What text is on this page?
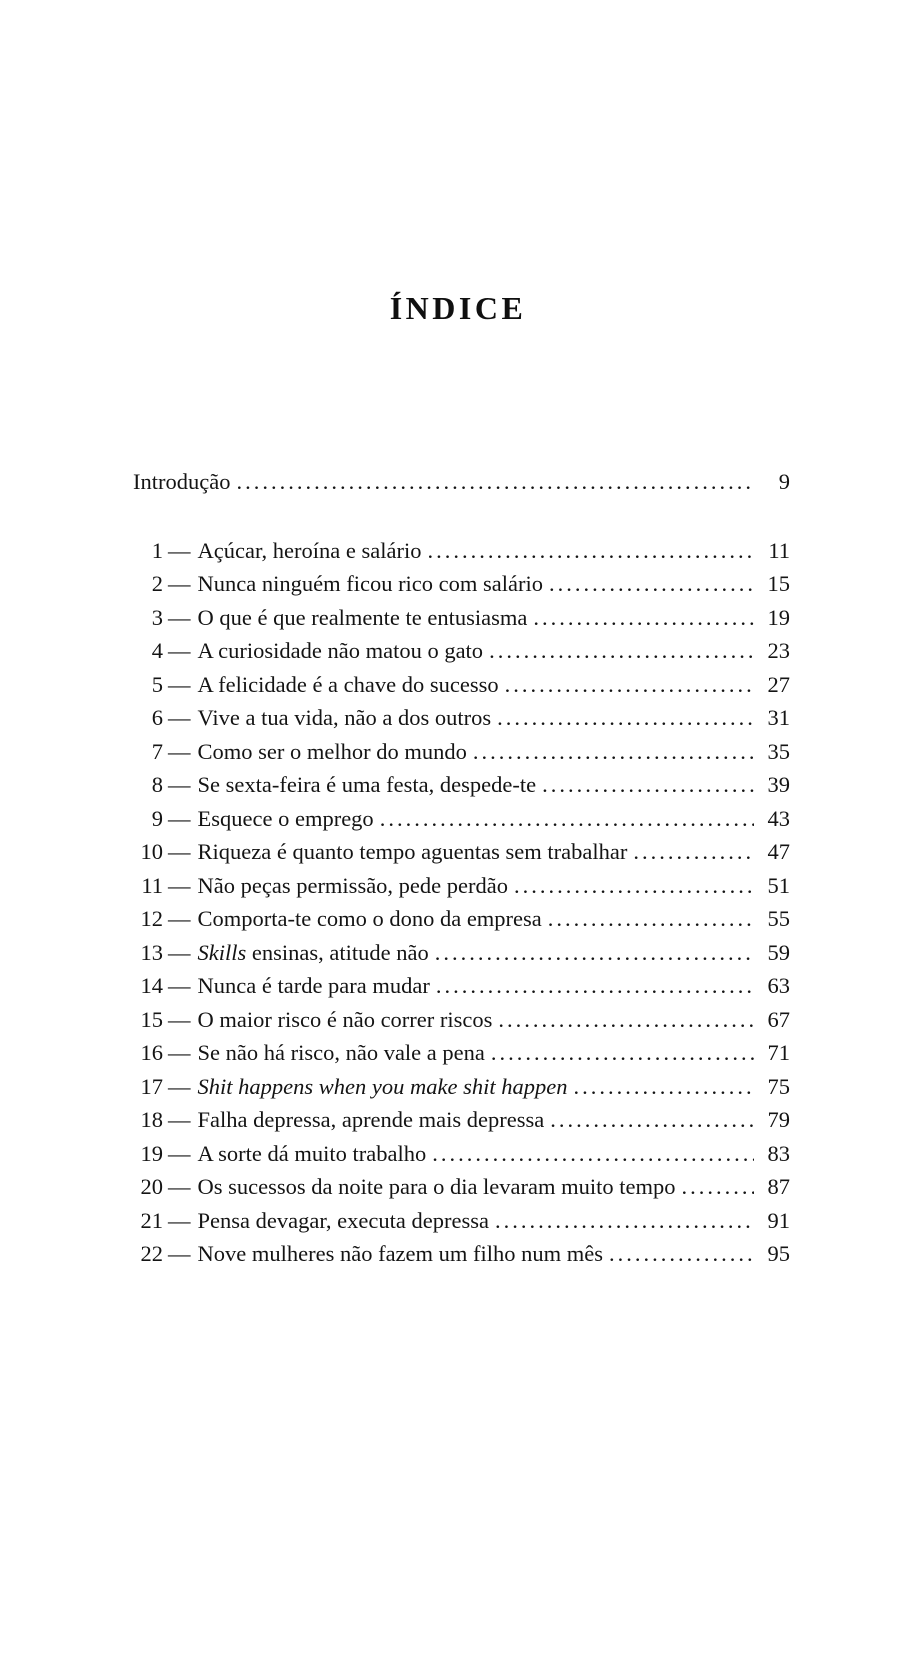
ÍNDICE
Introdução .....	9
1 — Açúcar, heroína e salário .....	11
2 — Nunca ninguém ficou rico com salário .....	15
3 — O que é que realmente te entusiasma .....	19
4 — A curiosidade não matou o gato .....	23
5 — A felicidade é a chave do sucesso .....	27
6 — Vive a tua vida, não a dos outros .....	31
7 — Como ser o melhor do mundo .....	35
8 — Se sexta-feira é uma festa, despede-te .....	39
9 — Esquece o emprego .....	43
10 — Riqueza é quanto tempo aguentas sem trabalhar .....	47
11 — Não peças permissão, pede perdão .....	51
12 — Comporta-te como o dono da empresa .....	55
13 — Skills ensinas, atitude não .....	59
14 — Nunca é tarde para mudar .....	63
15 — O maior risco é não correr riscos .....	67
16 — Se não há risco, não vale a pena .....	71
17 — Shit happens when you make shit happen .....	75
18 — Falha depressa, aprende mais depressa .....	79
19 — A sorte dá muito trabalho .....	83
20 — Os sucessos da noite para o dia levaram muito tempo .....	87
21 — Pensa devagar, executa depressa .....	91
22 — Nove mulheres não fazem um filho num mês .....	95
